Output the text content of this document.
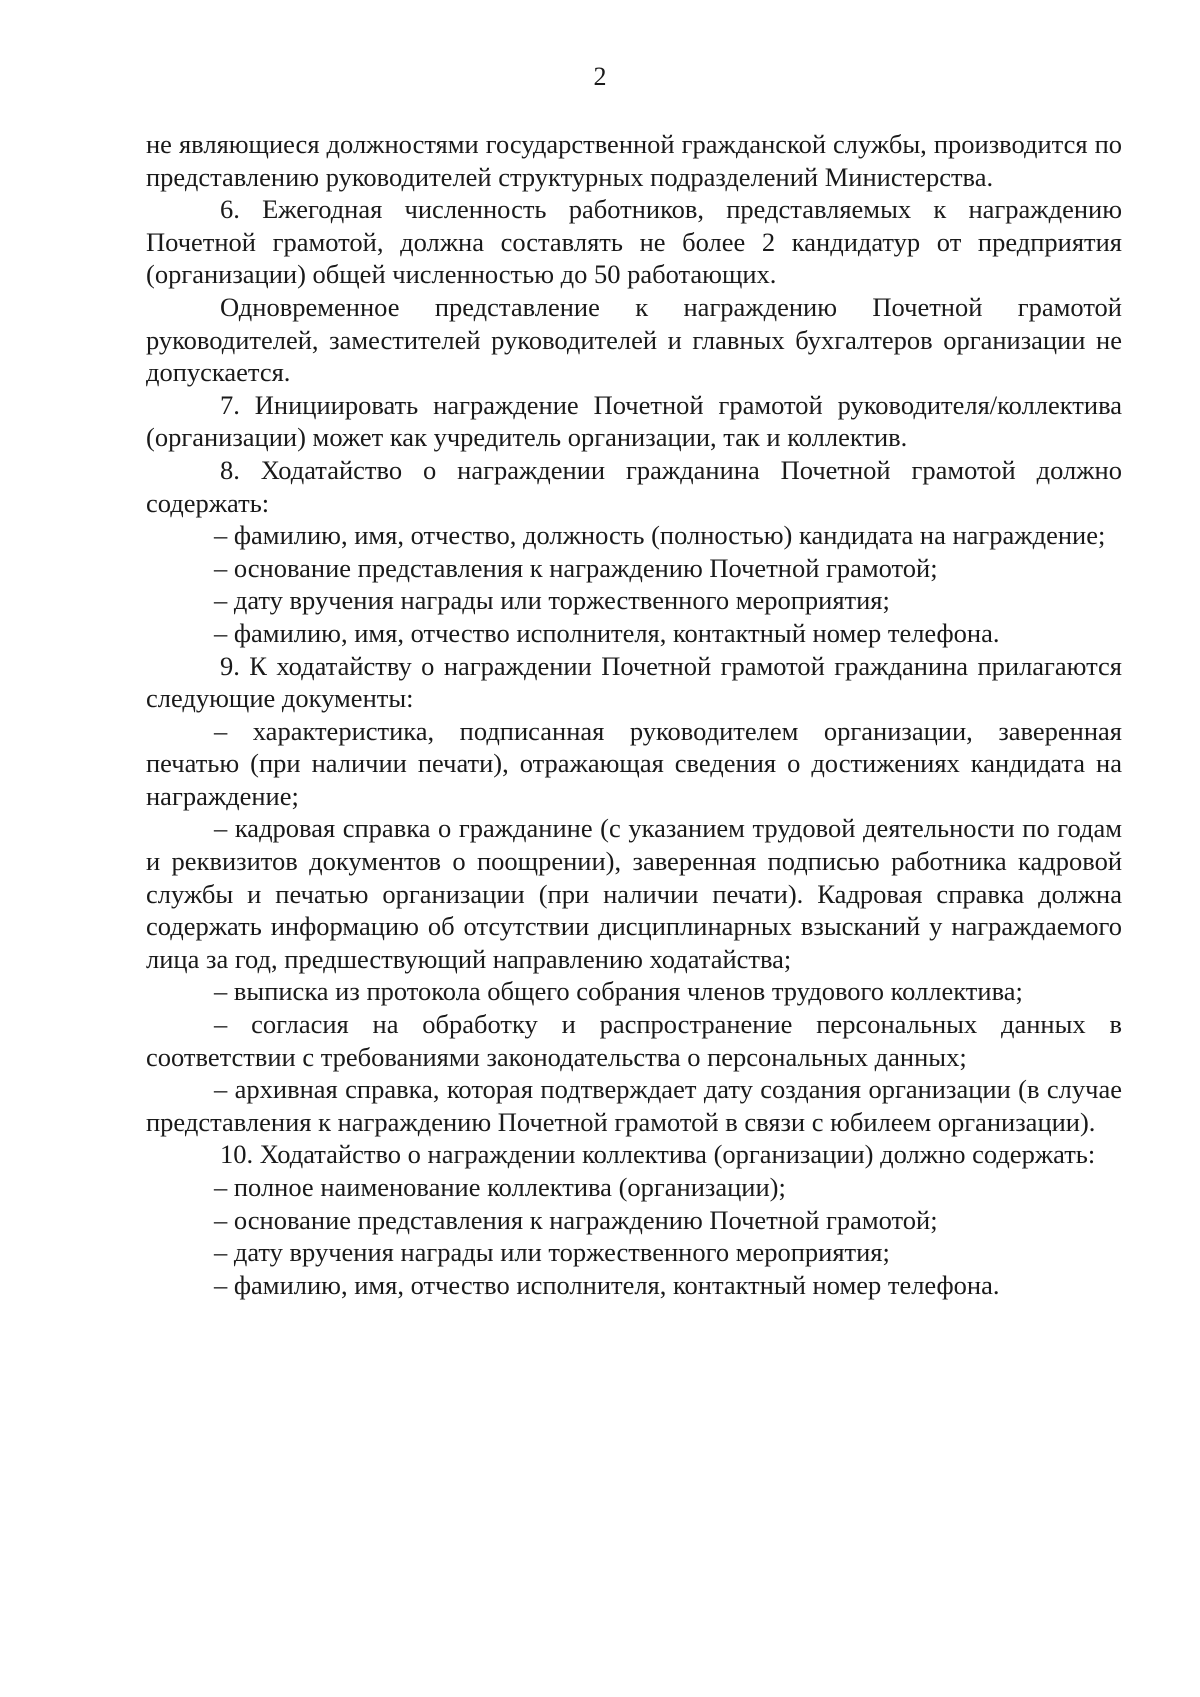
2

не являющиеся должностями государственной гражданской службы, производится по представлению руководителей структурных подразделений Министерства.

6. Ежегодная численность работников, представляемых к награждению Почетной грамотой, должна составлять не более 2 кандидатур от предприятия (организации) общей численностью до 50 работающих.

Одновременное представление к награждению Почетной грамотой руководителей, заместителей руководителей и главных бухгалтеров организации не допускается.

7. Инициировать награждение Почетной грамотой руководителя/коллектива (организации) может как учредитель организации, так и коллектив.

8. Ходатайство о награждении гражданина Почетной грамотой должно содержать:

– фамилию, имя, отчество, должность (полностью) кандидата на награждение;

– основание представления к награждению Почетной грамотой;

– дату вручения награды или торжественного мероприятия;

– фамилию, имя, отчество исполнителя, контактный номер телефона.

9. К ходатайству о награждении Почетной грамотой гражданина прилагаются следующие документы:

– характеристика, подписанная руководителем организации, заверенная печатью (при наличии печати), отражающая сведения о достижениях кандидата на награждение;

– кадровая справка о гражданине (с указанием трудовой деятельности по годам и реквизитов документов о поощрении), заверенная подписью работника кадровой службы и печатью организации (при наличии печати). Кадровая справка должна содержать информацию об отсутствии дисциплинарных взысканий у награждаемого лица за год, предшествующий направлению ходатайства;

– выписка из протокола общего собрания членов трудового коллектива;

– согласия на обработку и распространение персональных данных в соответствии с требованиями законодательства о персональных данных;

– архивная справка, которая подтверждает дату создания организации (в случае представления к награждению Почетной грамотой в связи с юбилеем организации).

10. Ходатайство о награждении коллектива (организации) должно содержать:

– полное наименование коллектива (организации);

– основание представления к награждению Почетной грамотой;

– дату вручения награды или торжественного мероприятия;

– фамилию, имя, отчество исполнителя, контактный номер телефона.
